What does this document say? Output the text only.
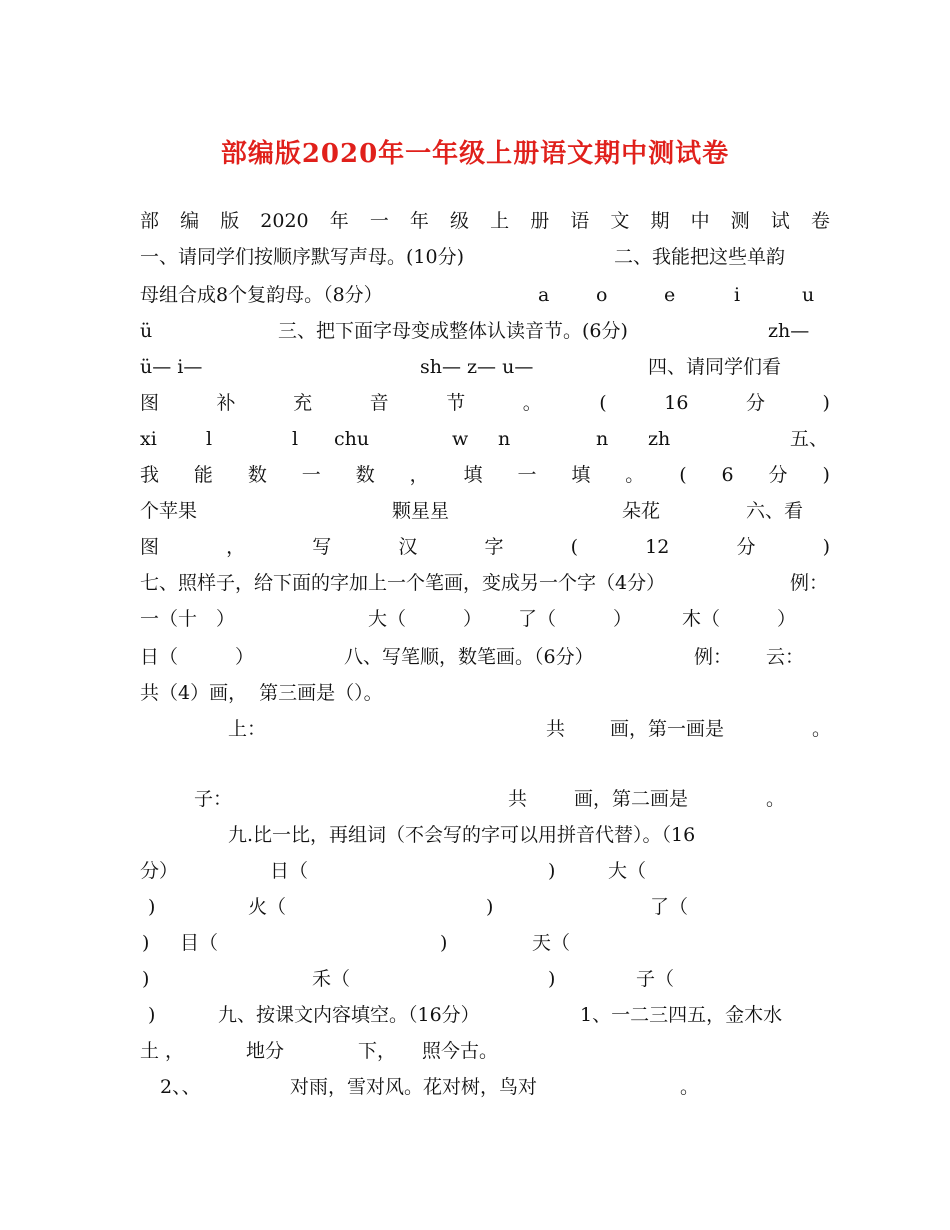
部编版2020年一年级上册语文期中测试卷
部 编 版 2020 年 一 年 级 上 册 语 文 期 中 测 试 卷
一、请同学们按顺序默写声母。(10分)	二、我能把这些单韵
母组合成8个复韵母。（8分）	a o	e	i	u
ü	三、把下面字母变成整体认读音节。(6分)	zh—
ü— i—	sh— z— u—	四、请同学们看
图	补	充	音	节	。	(	16	分	)
xi	l	l chu	w n	n zh	五、
我 能 数 一 数 ， 填 一 填 。 ( 6 分 )
个苹果	颗星星	朵花	六、看
图	，	写	汉	字	(	12	分	)
七、照样子，给下面的字加上一个笔画，变成另一个字（4分）	例：
一（十　）	大（　　　） 了（　　　）	木（　　　）
日（　　　）	八、写笔顺，数笔画。（6分）	例： 云：
共（4）画，  第三画是（）。
上：	共 画，第一画是	。
子：	共 画，第二画是	。
九.比一比，再组词（不会写的字可以用拼音代替）。（16
分）	日（	)	大（
)	火（	)	了（
) 目（	)	天（
)	禾（	)	子（
)	九、按课文内容填空。（16分）	1、一二三四五，金木水
土 ，	地分	下， 照今古。
2、、	对雨，雪对风。花对树，鸟对	。
